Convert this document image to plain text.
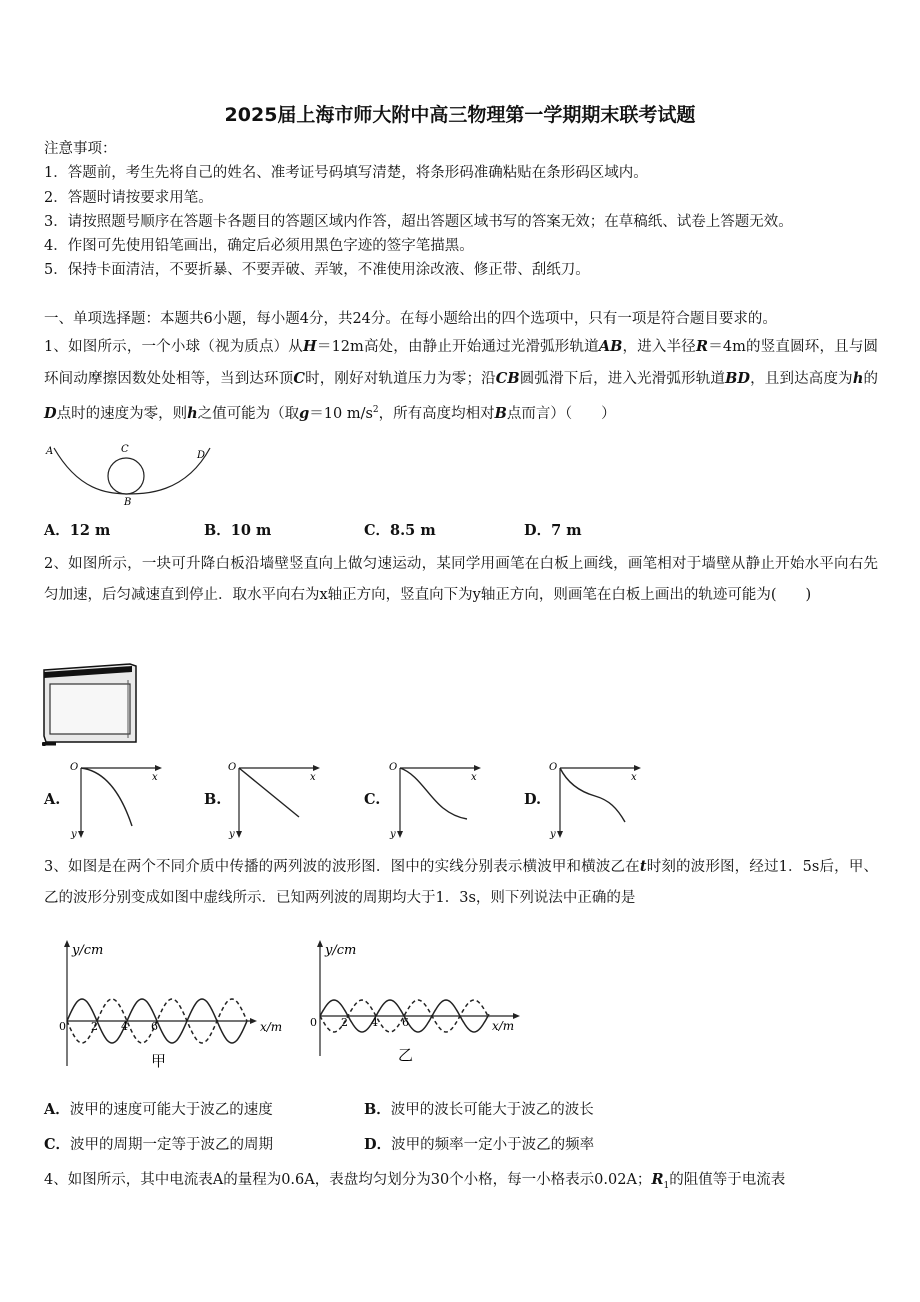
2025届上海市师大附中高三物理第一学期期末联考试题
注意事项：
1．答题前，考生先将自己的姓名、准考证号码填写清楚，将条形码准确粘贴在条形码区域内。
2．答题时请按要求用笔。
3．请按照题号顺序在答题卡各题目的答题区域内作答，超出答题区域书写的答案无效；在草稿纸、试卷上答题无效。
4．作图可先使用铅笔画出，确定后必须用黑色字迹的签字笔描黑。
5．保持卡面清洁，不要折暴、不要弄破、弄皱，不准使用涂改液、修正带、刮纸刀。
一、单项选择题：本题共6小题，每小题4分，共24分。在每小题给出的四个选项中，只有一项是符合题目要求的。
1、如图所示，一个小球（视为质点）从H＝12m高处，由静止开始通过光滑弧形轨道AB，进入半径R＝4m的竖直圆环，且与圆环间动摩擦因数处处相等，当到达环顶C时，刚好对轨道压力为零；沿CB圆弧滑下后，进入光滑弧形轨道BD，且到达高度为h的D点时的速度为零，则h之值可能为（取g＝10 $m/s^2$，所有高度均相对B点而言）（　　）
A	C
B
D
A．12 m	B．10 m	C．8.5 m	D．7 m
2、如图所示，一块可升降白板沿墙壁竖直向上做匀速运动，某同学用画笔在白板上画线，画笔相对于墙壁从静止开始水平向右先匀加速，后匀减速直到停止．取水平向右为x轴正方向，竖直向下为y轴正方向，则画笔在白板上画出的轨迹可能为(　　)
A.
O
x
y
B.
O
x
y
C.
O
x
y
D.
O
x
y
3、如图是在两个不同介质中传播的两列波的波形图．图中的实线分别表示横波甲和横波乙在t时刻的波形图，经过1．5s后，甲、乙的波形分别变成如图中虚线所示．已知两列波的周期均大于1．3s，则下列说法中正确的是
y/cm
x/m
0 2 4 6
甲
y/cm
x/m
0 2 4 6
乙
A．波甲的速度可能大于波乙的速度	B．波甲的波长可能大于波乙的波长
C．波甲的周期一定等于波乙的周期	D．波甲的频率一定小于波乙的频率
4、如图所示，其中电流表A的量程为0.6A，表盘均匀划分为30个小格，每一小格表示0.02A；$R_1$的阻值等于电流表
